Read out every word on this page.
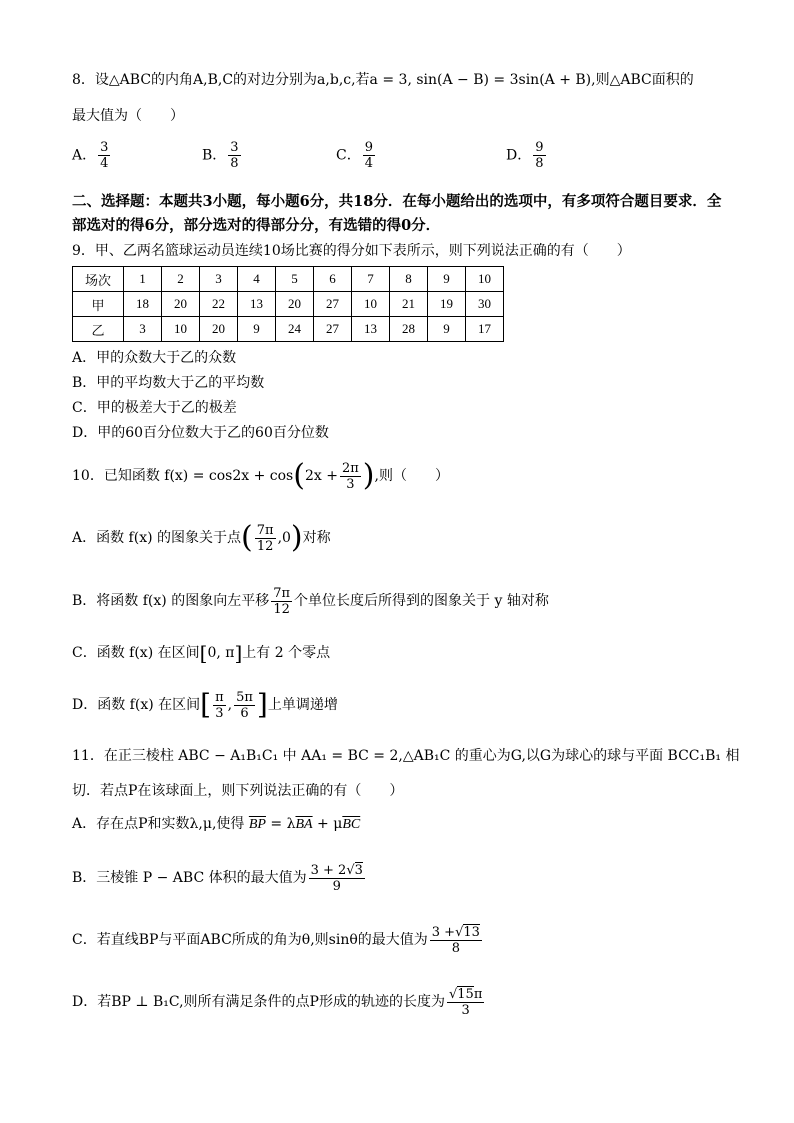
8．设△ABC的内角A,B,C的对边分别为a,b,c,若a = 3, sin(A − B) = 3sin(A + B),则△ABC面积的
最大值为（　　）
A． $\frac{3}{4}$	B． $\frac{3}{8}$	C． $\frac{9}{4}$	D． $\frac{9}{8}$
二、选择题：本题共3小题，每小题6分，共18分．在每小题给出的选项中，有多项符合题目要求．全部选对的得6分，部分选对的得部分分，有选错的得0分．
9．甲、乙两名篮球运动员连续10场比赛的得分如下表所示，则下列说法正确的有（　　）
场次	1	2	3	4	5	6	7	8	9	10
甲	18	20	22	13	20	27	10	21	19	30
乙	3	10	20	9	24	27	13	28	9	17
A．甲的众数大于乙的众数
B．甲的平均数大于乙的平均数
C．甲的极差大于乙的极差
D．甲的60百分位数大于乙的60百分位数
10．已知函数 f(x) = cos2x + cos ( $2x + \frac{2\pi}{3}$ ) ,则（　　）
A．函数 f(x) 的图象关于点 ( $\frac{7\pi}{12} ,0$ ) 对称
B．将函数 f(x) 的图象向左平移 $\frac{7\pi}{12}$ 个单位长度后所得到的图象关于 y 轴对称
C．函数 f(x) 在区间 [ 0, π ] 上有 2 个零点
D．函数 f(x) 在区间 [ $\frac{\pi}{3}$ , $\frac{5\pi}{6}$ ] 上单调递增
11．在正三棱柱 ABC − A₁B₁C₁ 中 AA₁ = BC = 2,△AB₁C 的重心为G,以G为球心的球与平面 BCC₁B₁ 相
切．若点P在该球面上，则下列说法正确的有（　　）
A．存在点P和实数λ,μ,使得 $\overline{BP} = \lambda\overline{BA} + \mu\overline{BC}$
B．三棱锥 P − ABC 体积的最大值为 $\frac{3 + 2√3}{9}$
C．若直线BP与平面ABC所成的角为θ,则sinθ的最大值为 $\frac{3 +√13}{8}$
D．若BP ⊥ B₁C,则所有满足条件的点P形成的轨迹的长度为 $\frac{√15\pi}{3}$
